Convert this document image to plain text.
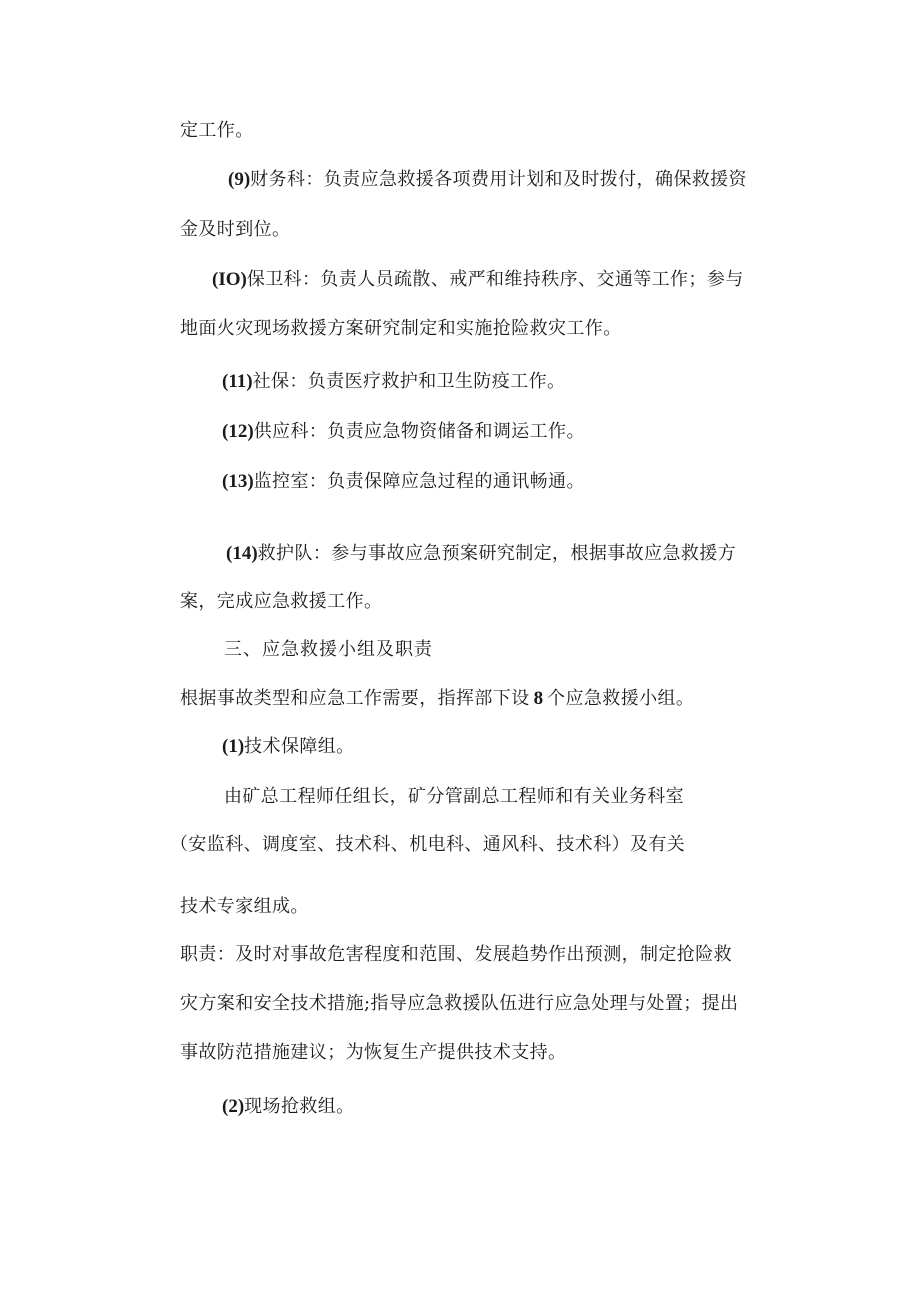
定工作。
(9)财务科：负责应急救援各项费用计划和及时拨付，确保救援资
金及时到位。
(IO)保卫科：负责人员疏散、戒严和维持秩序、交通等工作；参与
地面火灾现场救援方案研究制定和实施抢险救灾工作。
(11)社保：负责医疗救护和卫生防疫工作。
(12)供应科：负责应急物资储备和调运工作。
(13)监控室：负责保障应急过程的通讯畅通。
(14)救护队：参与事故应急预案研究制定，根据事故应急救援方
案，完成应急救援工作。
三、应急救援小组及职责
根据事故类型和应急工作需要，指挥部下设 8 个应急救援小组。
(1)技术保障组。
由矿总工程师任组长，矿分管副总工程师和有关业务科室
（安监科、调度室、技术科、机电科、通风科、技术科）及有关
技术专家组成。
职责：及时对事故危害程度和范围、发展趋势作出预测，制定抢险救
灾方案和安全技术措施;指导应急救援队伍进行应急处理与处置；提出
事故防范措施建议；为恢复生产提供技术支持。
(2)现场抢救组。
